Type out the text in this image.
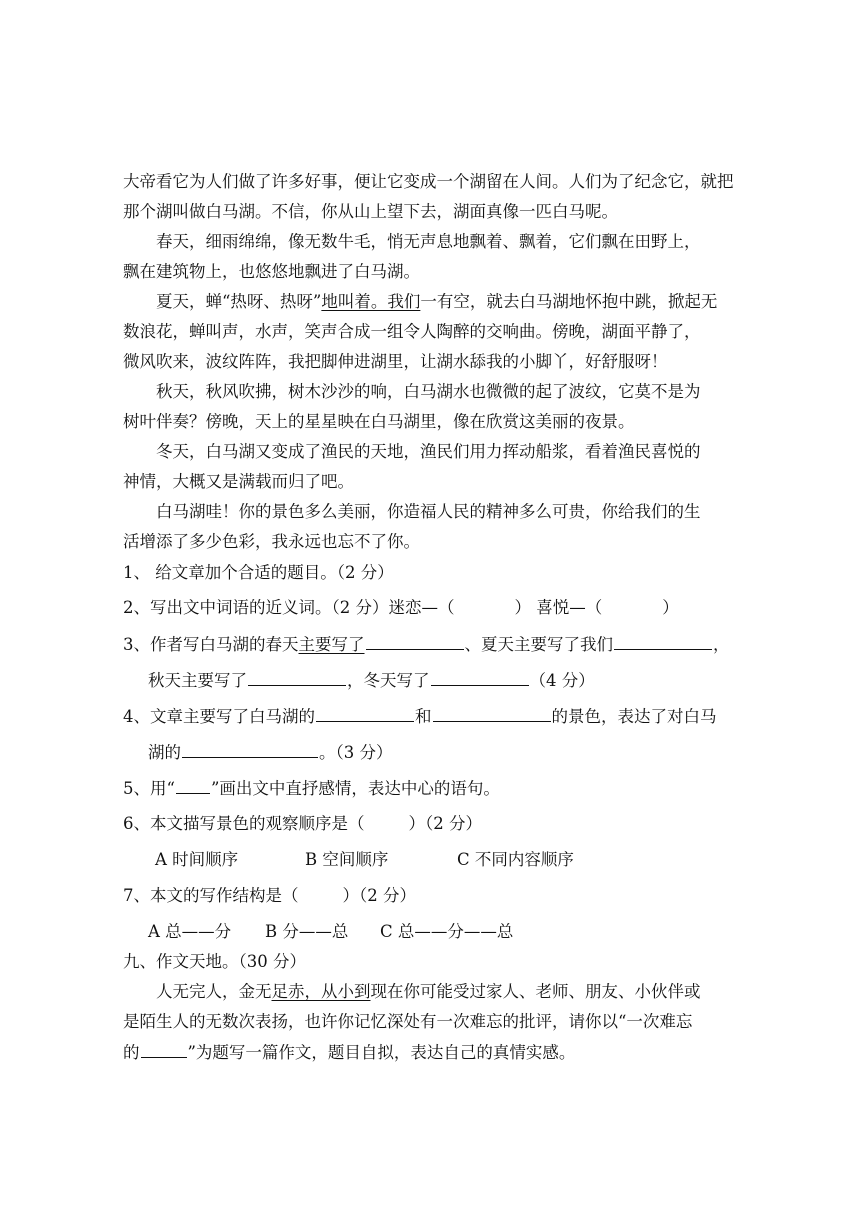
大帝看它为人们做了许多好事，便让它变成一个湖留在人间。人们为了纪念它，就把
那个湖叫做白马湖。不信，你从山上望下去，湖面真像一匹白马呢。
春天，细雨绵绵，像无数牛毛，悄无声息地飘着、飘着，它们飘在田野上，
飘在建筑物上，也悠悠地飘进了白马湖。
夏天，蝉“热呀、热呀”地叫着。我们一有空，就去白马湖地怀抱中跳，掀起无
数浪花，蝉叫声，水声，笑声合成一组令人陶醉的交响曲。傍晚，湖面平静了，
微风吹来，波纹阵阵，我把脚伸进湖里，让湖水舔我的小脚丫，好舒服呀！
秋天，秋风吹拂，树木沙沙的响，白马湖水也微微的起了波纹，它莫不是为
树叶伴奏？傍晚，天上的星星映在白马湖里，像在欣赏这美丽的夜景。
冬天，白马湖又变成了渔民的天地，渔民们用力挥动船浆，看着渔民喜悦的
神情，大概又是满载而归了吧。
白马湖哇！你的景色多么美丽，你造福人民的精神多么可贵，你给我们的生
活增添了多少色彩，我永远也忘不了你。
1、 给文章加个合适的题目。（2 分）
2、写出文中词语的近义词。（2 分）迷恋—（	） 喜悦—（	）
3、作者写白马湖的春天主要写了	、夏天主要写了我们	，
秋天主要写了	，冬天写了	（4 分）
4、文章主要写了白马湖的	和	的景色，表达了对白马
湖的	。（3 分）
5、用“ ”画出文中直抒感情，表达中心的语句。
6、本文描写景色的观察顺序是（	）（2 分）
A 时间顺序	B 空间顺序	C 不同内容顺序
7、本文的写作结构是（	）（2 分）
A 总——分 B 分——总 C 总——分——总
九、作文天地。（30 分）
人无完人，金无足赤，从小到现在你可能受过家人、老师、朋友、小伙伴或
是陌生人的无数次表扬，也许你记忆深处有一次难忘的批评，请你以“一次难忘
的	”为题写一篇作文，题目自拟，表达自己的真情实感。
